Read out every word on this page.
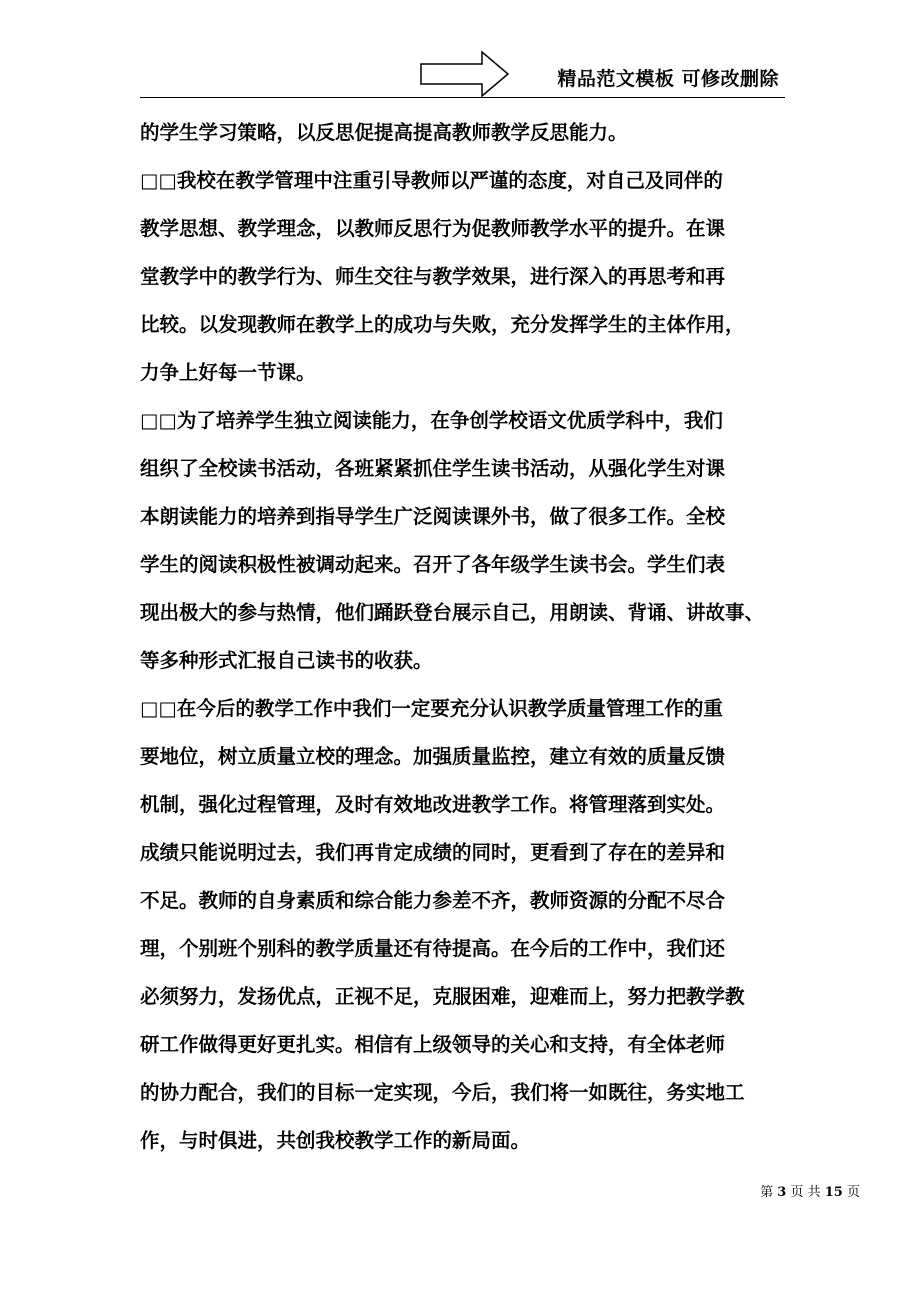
精品范文模板 可修改删除
的学生学习策略，以反思促提高提高教师教学反思能力。
□□我校在教学管理中注重引导教师以严谨的态度，对自己及同伴的
教学思想、教学理念，以教师反思行为促教师教学水平的提升。在课
堂教学中的教学行为、师生交往与教学效果，进行深入的再思考和再
比较。以发现教师在教学上的成功与失败，充分发挥学生的主体作用，
力争上好每一节课。
□□为了培养学生独立阅读能力，在争创学校语文优质学科中，我们
组织了全校读书活动，各班紧紧抓住学生读书活动，从强化学生对课
本朗读能力的培养到指导学生广泛阅读课外书，做了很多工作。全校
学生的阅读积极性被调动起来。召开了各年级学生读书会。学生们表
现出极大的参与热情，他们踊跃登台展示自己，用朗读、背诵、讲故事、
等多种形式汇报自己读书的收获。
□□在今后的教学工作中我们一定要充分认识教学质量管理工作的重
要地位，树立质量立校的理念。加强质量监控，建立有效的质量反馈
机制，强化过程管理，及时有效地改进教学工作。将管理落到实处。
成绩只能说明过去，我们再肯定成绩的同时，更看到了存在的差异和
不足。教师的自身素质和综合能力参差不齐，教师资源的分配不尽合
理，个别班个别科的教学质量还有待提高。在今后的工作中，我们还
必须努力，发扬优点，正视不足，克服困难，迎难而上，努力把教学教
研工作做得更好更扎实。相信有上级领导的关心和支持，有全体老师
的协力配合，我们的目标一定实现，今后，我们将一如既往，务实地工
作，与时俱进，共创我校教学工作的新局面。
第 3 页 共 15 页
